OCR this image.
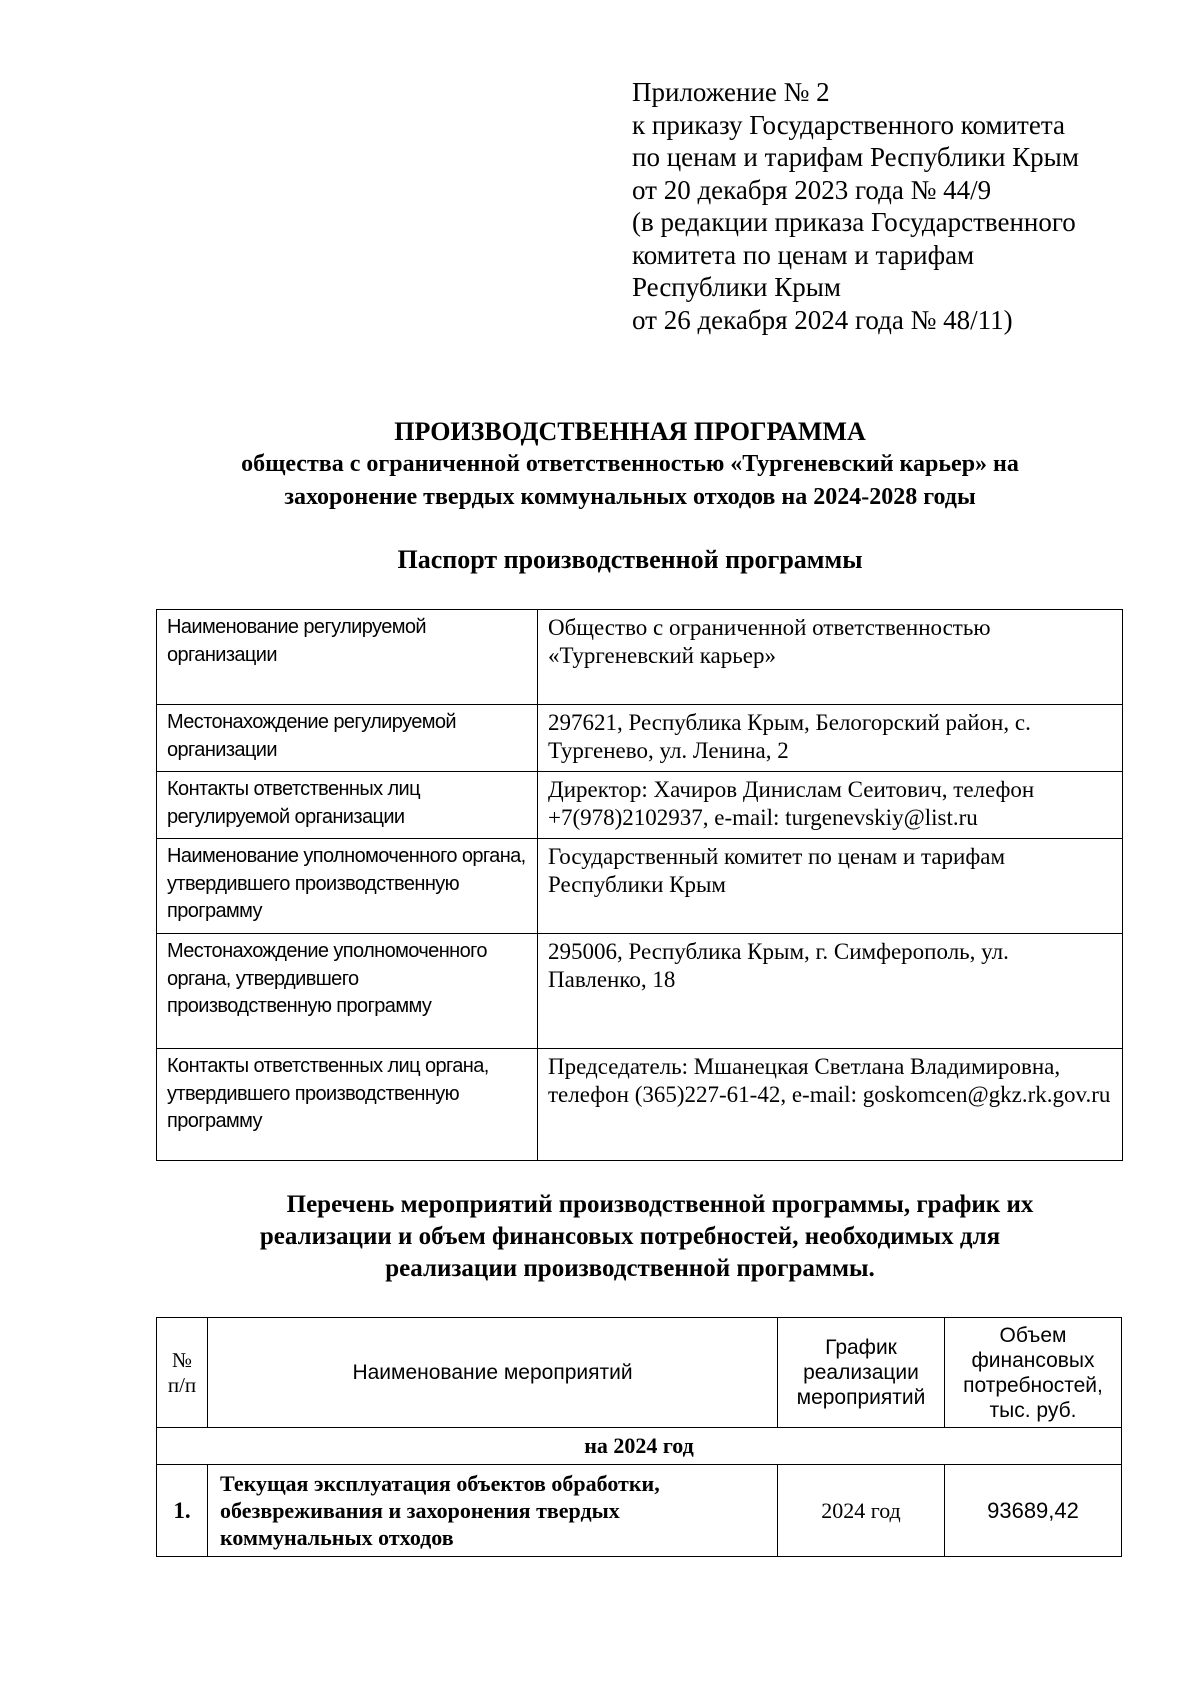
Приложение № 2
к приказу Государственного комитета
по ценам и тарифам Республики Крым
от 20 декабря 2023 года № 44/9
(в редакции приказа Государственного
комитета по ценам и тарифам
Республики Крым
от 26 декабря 2024 года № 48/11)
ПРОИЗВОДСТВЕННАЯ ПРОГРАММА
общества с ограниченной ответственностью «Тургеневский карьер» на
захоронение твердых коммунальных отходов на 2024-2028 годы
Паспорт производственной программы
Наименование регулируемой организации	Общество с ограниченной ответственностью «Тургеневский карьер»
Местонахождение регулируемой организации	297621, Республика Крым, Белогорский район, с. Тургенево, ул. Ленина, 2
Контакты ответственных лиц регулируемой организации	Директор: Хачиров Динислам Сеитович, телефон +7(978)2102937, e-mail: turgenevskiy@list.ru
Наименование уполномоченного органа, утвердившего производственную программу	Государственный комитет по ценам и тарифам Республики Крым
Местонахождение уполномоченного органа, утвердившего производственную программу	295006, Республика Крым, г. Симферополь, ул. Павленко, 18
Контакты ответственных лиц органа, утвердившего производственную программу	Председатель: Мшанецкая Светлана Владимировна, телефон (365)227-61-42, e-mail: goskomcen@gkz.rk.gov.ru
Перечень мероприятий производственной программы, график их
реализации и объем финансовых потребностей, необходимых для
реализации производственной программы.
№ п/п	Наименование мероприятий	График реализации мероприятий	Объем финансовых потребностей, тыс. руб.
на 2024 год			
1.	Текущая эксплуатация объектов обработки, обезвреживания и захоронения твердых коммунальных отходов	2024 год	93689,42
